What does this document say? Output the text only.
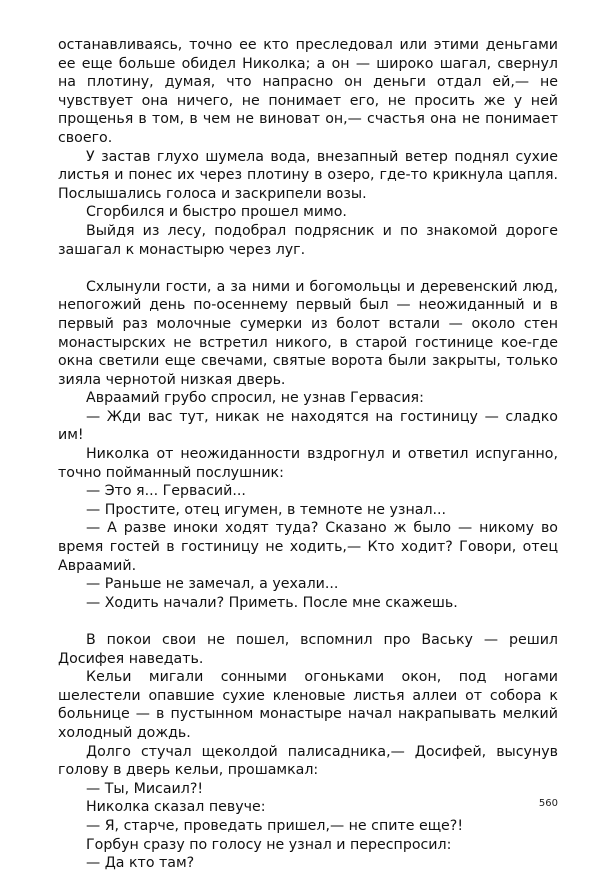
останавливаясь, точно ее кто преследовал или этими деньгами ее еще больше обидел Николка; а он — широко шагал, свернул на плотину, думая, что напрасно он деньги отдал ей,— не чувствует она ничего, не понимает его, не просить же у ней прощенья в том, в чем не виноват он,— счастья она не понимает своего.

У застав глухо шумела вода, внезапный ветер поднял сухие листья и понес их через плотину в озеро, где-то крикнула цапля. Послышались голоса и заскрипели возы.

Сгорбился и быстро прошел мимо.

Выйдя из лесу, подобрал подрясник и по знакомой дороге зашагал к монастырю через луг.

Схлынули гости, а за ними и богомольцы и деревенский люд, непогожий день по-осеннему первый был — неожиданный и в первый раз молочные сумерки из болот встали — около стен монастырских не встретил никого, в старой гостинице кое-где окна светили еще свечами, святые ворота были закрыты, только зияла чернотой низкая дверь.

Авраамий грубо спросил, не узнав Гервасия:

— Жди вас тут, никак не находятся на гостиницу — сладко им!

Николка от неожиданности вздрогнул и ответил испуганно, точно пойманный послушник:

— Это я... Гервасий...

— Простите, отец игумен, в темноте не узнал...

— А разве иноки ходят туда? Сказано ж было — никому во время гостей в гостиницу не ходить,— Кто ходит? Говори, отец Авраамий.

— Раньше не замечал, а уехали...

— Ходить начали? Приметь. После мне скажешь.

В покои свои не пошел, вспомнил про Ваську — решил Досифея наведать.

Кельи мигали сонными огоньками окон, под ногами шелестели опавшие сухие кленовые листья аллеи от собора к больнице — в пустынном монастыре начал накрапывать мелкий холодный дождь.

Долго стучал щеколдой палисадника,— Досифей, высунув голову в дверь кельи, прошамкал:

— Ты, Мисаил?!

Николка сказал певуче:

— Я, старче, проведать пришел,— не спите еще?!

Горбун сразу по голосу не узнал и переспросил:

— Да кто там?

560
